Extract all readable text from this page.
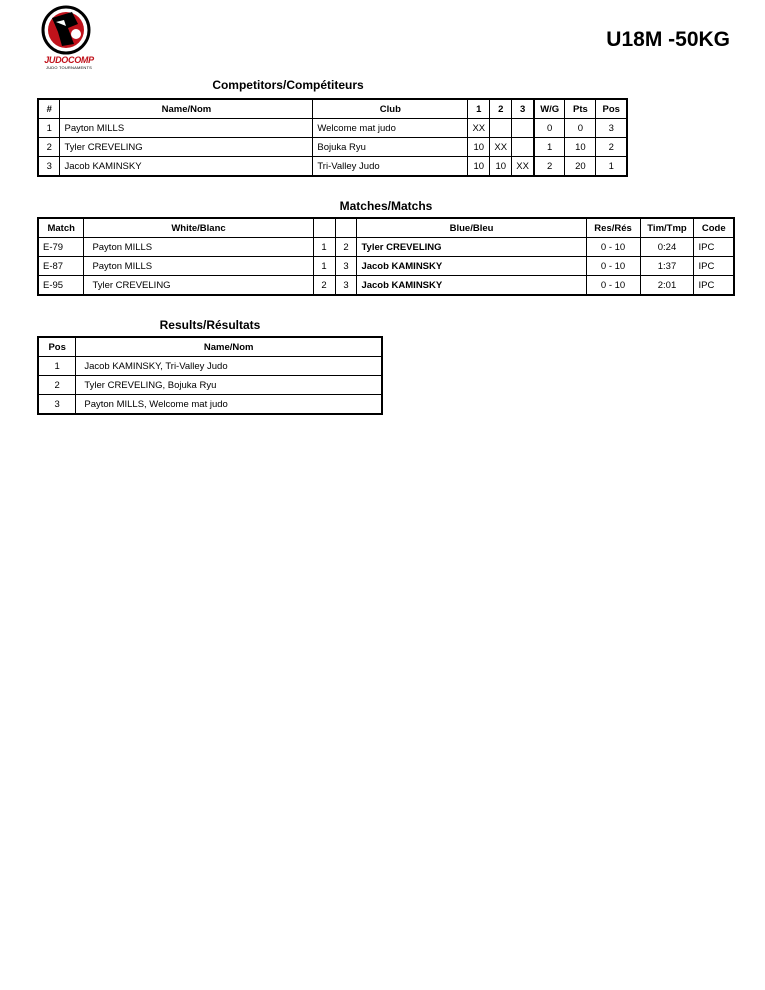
JUDOCOMP
JUDO TOURNAMENTS
U18M -50KG
Competitors/Compétiteurs
#	Name/Nom	Club	1	2	3	W/G	Pts	Pos
1	Payton MILLS	Welcome mat judo	XX			0	0	3
2	Tyler CREVELING	Bojuka Ryu	10	XX		1	10	2
3	Jacob KAMINSKY	Tri-Valley Judo	10	10	XX	2	20	1
Matches/Matchs
Match	White/Blanc			Blue/Bleu	Res/Rés	Tim/Tmp	Code
E-79	Payton MILLS	1	2	Tyler CREVELING	0 - 10	0:24	IPC
E-87	Payton MILLS	1	3	Jacob KAMINSKY	0 - 10	1:37	IPC
E-95	Tyler CREVELING	2	3	Jacob KAMINSKY	0 - 10	2:01	IPC
Results/Résultats
Pos	Name/Nom
1	Jacob KAMINSKY, Tri-Valley Judo
2	Tyler CREVELING, Bojuka Ryu
3	Payton MILLS, Welcome mat judo
